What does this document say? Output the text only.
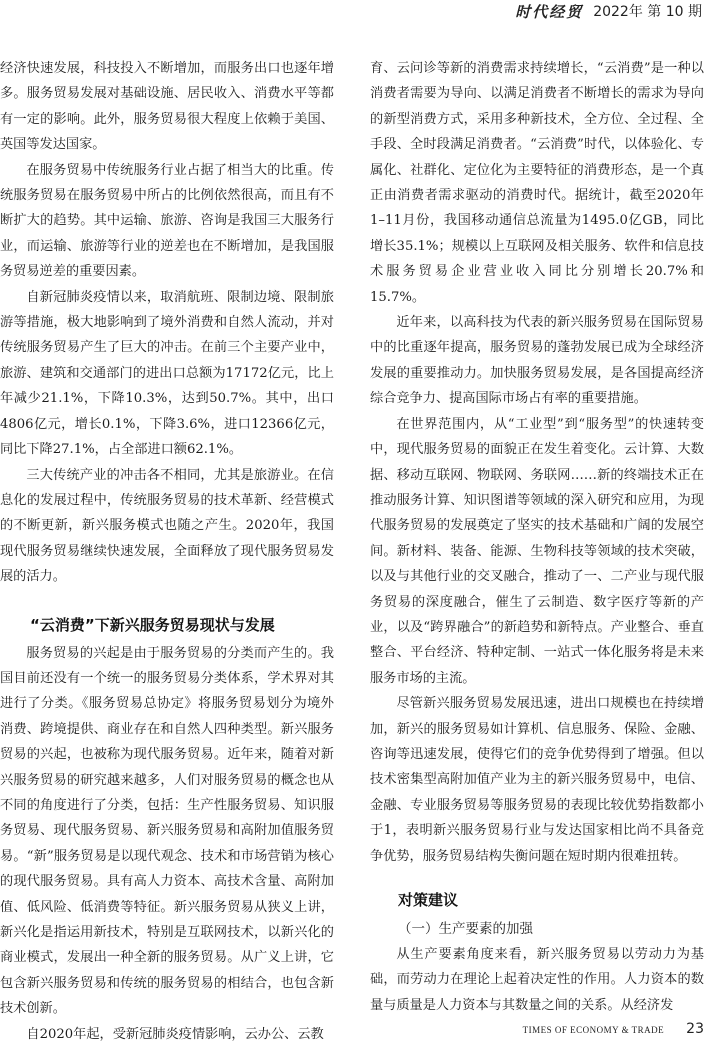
时代经贸 2022年 第 10 期

经济快速发展，科技投入不断增加，而服务出口也逐年增多。服务贸易发展对基础设施、居民收入、消费水平等都有一定的影响。此外，服务贸易很大程度上依赖于美国、英国等发达国家。

在服务贸易中传统服务行业占据了相当大的比重。传统服务贸易在服务贸易中所占的比例依然很高，而且有不断扩大的趋势。其中运输、旅游、咨询是我国三大服务行业，而运输、旅游等行业的逆差也在不断增加，是我国服务贸易逆差的重要因素。

自新冠肺炎疫情以来，取消航班、限制边境、限制旅游等措施，极大地影响到了境外消费和自然人流动，并对传统服务贸易产生了巨大的冲击。在前三个主要产业中，旅游、建筑和交通部门的进出口总额为17172亿元，比上年减少21.1%，下降10.3%，达到50.7%。其中，出口4806亿元，增长0.1%，下降3.6%，进口12366亿元，同比下降27.1%，占全部进口额62.1%。

三大传统产业的冲击各不相同，尤其是旅游业。在信息化的发展过程中，传统服务贸易的技术革新、经营模式的不断更新，新兴服务模式也随之产生。2020年，我国现代服务贸易继续快速发展，全面释放了现代服务贸易发展的活力。

“云消费”下新兴服务贸易现状与发展

服务贸易的兴起是由于服务贸易的分类而产生的。我国目前还没有一个统一的服务贸易分类体系，学术界对其进行了分类。《服务贸易总协定》将服务贸易划分为境外消费、跨境提供、商业存在和自然人四种类型。新兴服务贸易的兴起，也被称为现代服务贸易。近年来，随着对新兴服务贸易的研究越来越多，人们对服务贸易的概念也从不同的角度进行了分类，包括：生产性服务贸易、知识服务贸易、现代服务贸易、新兴服务贸易和高附加值服务贸易。“新”服务贸易是以现代观念、技术和市场营销为核心的现代服务贸易。具有高人力资本、高技术含量、高附加值、低风险、低消费等特征。新兴服务贸易从狭义上讲，新兴化是指运用新技术，特别是互联网技术，以新兴化的商业模式，发展出一种全新的服务贸易。从广义上讲，它包含新兴服务贸易和传统的服务贸易的相结合，也包含新技术创新。

自2020年起，受新冠肺炎疫情影响，云办公、云教

育、云问诊等新的消费需求持续增长，“云消费”是一种以消费者需要为导向、以满足消费者不断增长的需求为导向的新型消费方式，采用多种新技术，全方位、全过程、全手段、全时段满足消费者。“云消费”时代，以体验化、专属化、社群化、定位化为主要特征的消费形态，是一个真正由消费者需求驱动的消费时代。据统计，截至2020年1–11月份，我国移动通信总流量为1495.0亿GB，同比增长35.1%；规模以上互联网及相关服务、软件和信息技术服务贸易企业营业收入同比分别增长20.7%和15.7%。

近年来，以高科技为代表的新兴服务贸易在国际贸易中的比重逐年提高，服务贸易的蓬勃发展已成为全球经济发展的重要推动力。加快服务贸易发展，是各国提高经济综合竞争力、提高国际市场占有率的重要措施。

在世界范围内，从“工业型”到“服务型”的快速转变中，现代服务贸易的面貌正在发生着变化。云计算、大数据、移动互联网、物联网、务联网……新的终端技术正在推动服务计算、知识图谱等领域的深入研究和应用，为现代服务贸易的发展奠定了坚实的技术基础和广阔的发展空间。新材料、装备、能源、生物科技等领域的技术突破，以及与其他行业的交叉融合，推动了一、二产业与现代服务贸易的深度融合，催生了云制造、数字医疗等新的产业，以及“跨界融合”的新趋势和新特点。产业整合、垂直整合、平台经济、特种定制、一站式一体化服务将是未来服务市场的主流。

尽管新兴服务贸易发展迅速，进出口规模也在持续增加，新兴的服务贸易如计算机、信息服务、保险、金融、咨询等迅速发展，使得它们的竞争优势得到了增强。但以技术密集型高附加值产业为主的新兴服务贸易中，电信、金融、专业服务贸易等服务贸易的表现比较优势指数都小于1，表明新兴服务贸易行业与发达国家相比尚不具备竞争优势，服务贸易结构失衡问题在短时期内很难扭转。

对策建议
（一）生产要素的加强

从生产要素角度来看，新兴服务贸易以劳动力为基础，而劳动力在理论上起着决定性的作用。人力资本的数量与质量是人力资本与其数量之间的关系。从经济发

TIMES OF ECONOMY & TRADE 23
